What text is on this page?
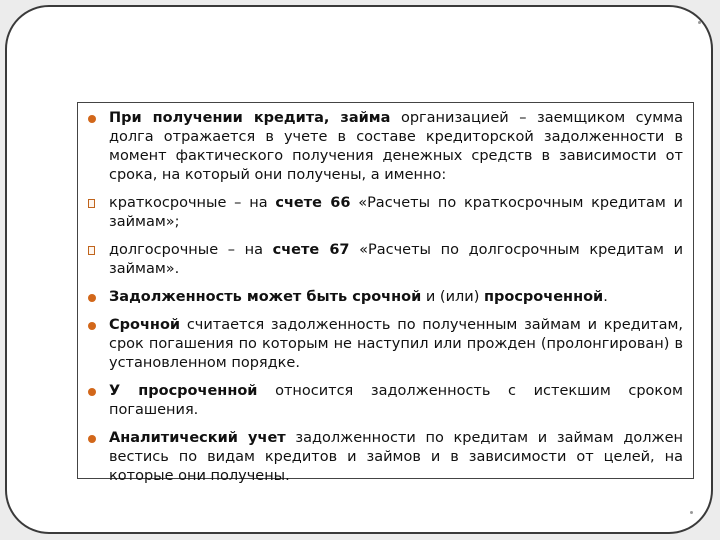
При получении кредита, займа организацией – заемщиком сумма долга отражается в учете в составе кредиторской задолженности в момент фактического получения денежных средств в зависимости от срока, на который они получены, а именно:
краткосрочные – на счете 66 «Расчеты по краткосрочным кредитам и займам»;
долгосрочные – на счете 67 «Расчеты по долгосрочным кредитам и займам».
Задолженность может быть срочной и (или) просроченной.
Срочной считается задолженность по полученным займам и кредитам, срок погашения по которым не наступил или прожден (пролонгирован) в установленном порядке.
У просроченной относится задолженность с истекшим сроком погашения.
Аналитический учет задолженности по кредитам и займам должен вестись по видам кредитов и займов и в зависимости от целей, на которые они получены.
